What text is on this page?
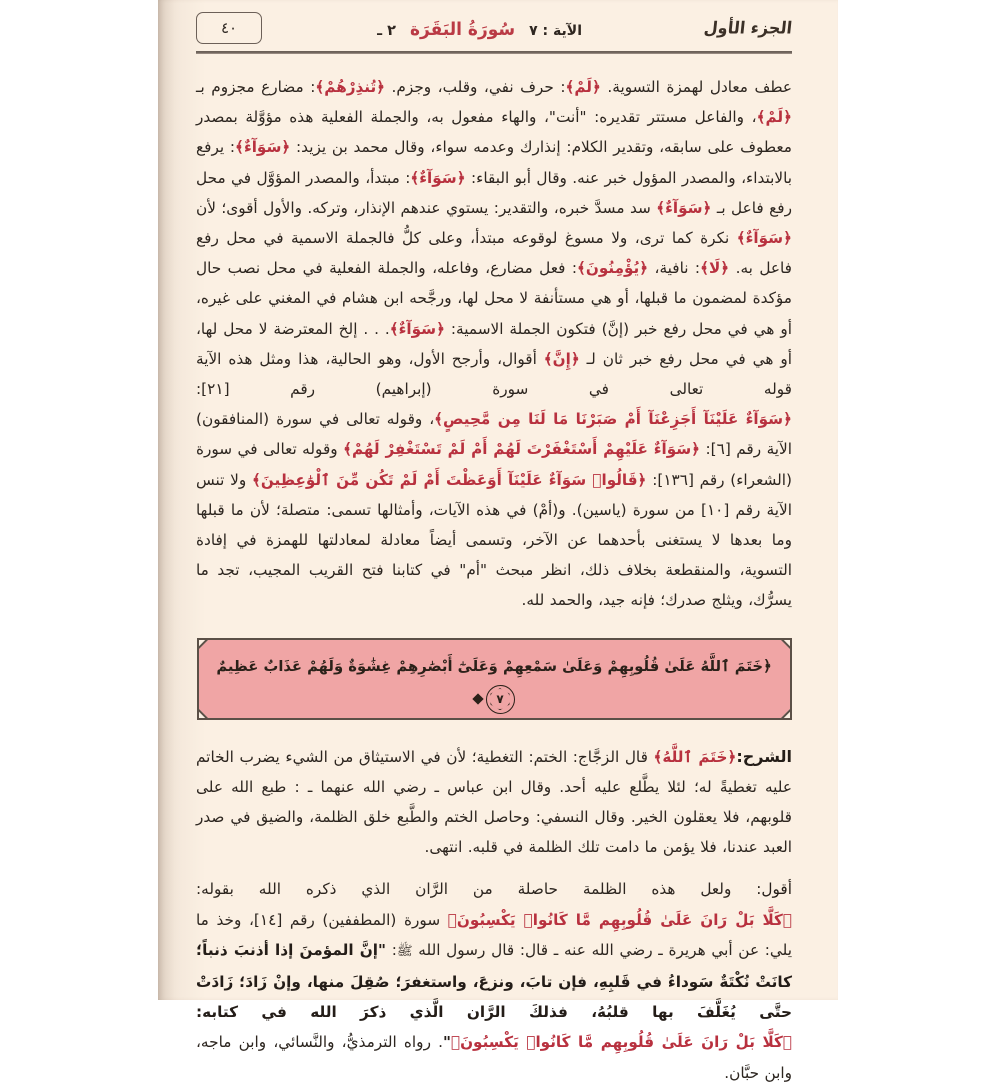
الجزء الأول
الآية : ٧
سُورَةُ البَقَرَة
٢ ـ
٤٠

عطف معادل لهمزة التسوية. ﴿لَمْ﴾: حرف نفي، وقلب، وجزم. ﴿تُنذِرْهُمْ﴾: مضارع مجزوم بـ ﴿لَمْ﴾، والفاعل مستتر تقديره: "أنت"، والهاء مفعول به، والجملة الفعلية هذه مؤوَّلة بمصدر معطوف على سابقه، وتقدير الكلام: إنذارك وعدمه سواء، وقال محمد بن يزيد: ﴿سَوَآءٌ﴾: يرفع بالابتداء، والمصدر المؤول خبر عنه. وقال أبو البقاء: ﴿سَوَآءٌ﴾: مبتدأ، والمصدر المؤوَّل في محل رفع فاعل بـ ﴿سَوَآءٌ﴾ سد مسدَّ خبره، والتقدير: يستوي عندهم الإنذار، وتركه. والأول أقوى؛ لأن ﴿سَوَآءٌ﴾ نكرة كما ترى، ولا مسوغ لوقوعه مبتدأ، وعلى كلُّ فالجملة الاسمية في محل رفع فاعل به. ﴿لَا﴾: نافية، ﴿يُؤْمِنُونَ﴾: فعل مضارع، وفاعله، والجملة الفعلية في محل نصب حال مؤكدة لمضمون ما قبلها، أو هي مستأنفة لا محل لها، ورجَّحه ابن هشام في المغني على غيره، أو هي في محل رفع خبر (إنَّ) فتكون الجملة الاسمية: ﴿سَوَآءٌ﴾. . . إلخ المعترضة لا محل لها، أو هي في محل رفع خبر ثان لـ ﴿إِنَّ﴾ أقوال، وأرجح الأول، وهو الحالية، هذا ومثل هذه الآية قوله تعالى في سورة (إبراهيم) رقم [٢١]: ﴿سَوَآءٌ عَلَيْنَآ أَجَزِعْنَآ أَمْ صَبَرْنَا مَا لَنَا مِن مَّحِيصٍ﴾، وقوله تعالى في سورة (المنافقون) الآية رقم [٦]: ﴿سَوَآءٌ عَلَيْهِمْ أَسْتَغْفَرْتَ لَهُمْ أَمْ لَمْ تَسْتَغْفِرْ لَهُمْ﴾ وقوله تعالى في سورة (الشعراء) رقم [١٣٦]: ﴿قَالُوا۟ سَوَآءٌ عَلَيْنَآ أَوَعَظْتَ أَمْ لَمْ تَكُن مِّنَ ٱلْوَٰعِظِينَ﴾ ولا تنس الآية رقم [١٠] من سورة (ياسين). و(أمْ) في هذه الآيات، وأمثالها تسمى: متصلة؛ لأن ما قبلها وما بعدها لا يستغنى بأحدهما عن الآخر، وتسمى أيضاً معادلة لمعادلتها للهمزة في إفادة التسوية، والمنقطعة بخلاف ذلك، انظر مبحث "أم" في كتابنا فتح القريب المجيب، تجد ما يسرُّك، ويثلج صدرك؛ فإنه جيد، والحمد لله.

﴿خَتَمَ ٱللَّهُ عَلَىٰ قُلُوبِهِمْ وَعَلَىٰ سَمْعِهِمْ وَعَلَىٰٓ أَبْصَٰرِهِمْ غِشَٰوَةٌ وَلَهُمْ عَذَابٌ عَظِيمٌ
٧

الشرح:﴿خَتَمَ ٱللَّهُ﴾ قال الزجَّاج: الختم: التغطية؛ لأن في الاستيثاق من الشيء يضرب الخاتم عليه تغطيةً له؛ لئلا يطَّلع عليه أحد. وقال ابن عباس ـ رضي الله عنهما ـ : طبع الله على قلوبهم، فلا يعقلون الخير. وقال النسفي: وحاصل الختم والطَّبع خلق الظلمة، والضيق في صدر العبد عندنا، فلا يؤمن ما دامت تلك الظلمة في قلبه. انتهى.

أقول: ولعل هذه الظلمة حاصلة من الرَّان الذي ذكره الله بقوله: ﴿كَلَّا بَلْ رَانَ عَلَىٰ قُلُوبِهِم مَّا كَانُوا۟ يَكْسِبُونَ﴾ سورة (المطففين) رقم [١٤]، وخذ ما يلي: عن أبي هريرة ـ رضي الله عنه ـ قال: قال رسول الله ﷺ: "إنَّ المؤمنَ إذا أذنبَ ذنباً؛ كانَتْ نُكْتَةٌ سَوداءُ في قَلبِهِ، فإن تابَ، ونزعَ، واستغفرَ؛ صُقِلَ منها، وإنْ زَادَ؛ زَادَتْ حتَّى يُغَلَّفَ بها قلبُهُ، فذلكَ الرَّان الَّذي ذكرَ الله في كتابه:﴿كَلَّا بَلْ رَانَ عَلَىٰ قُلُوبِهِم مَّا كَانُوا۟ يَكْسِبُونَ﴾". رواه الترمذيُّ، والنَّسائي، وابن ماجه، وابن حبَّان.
